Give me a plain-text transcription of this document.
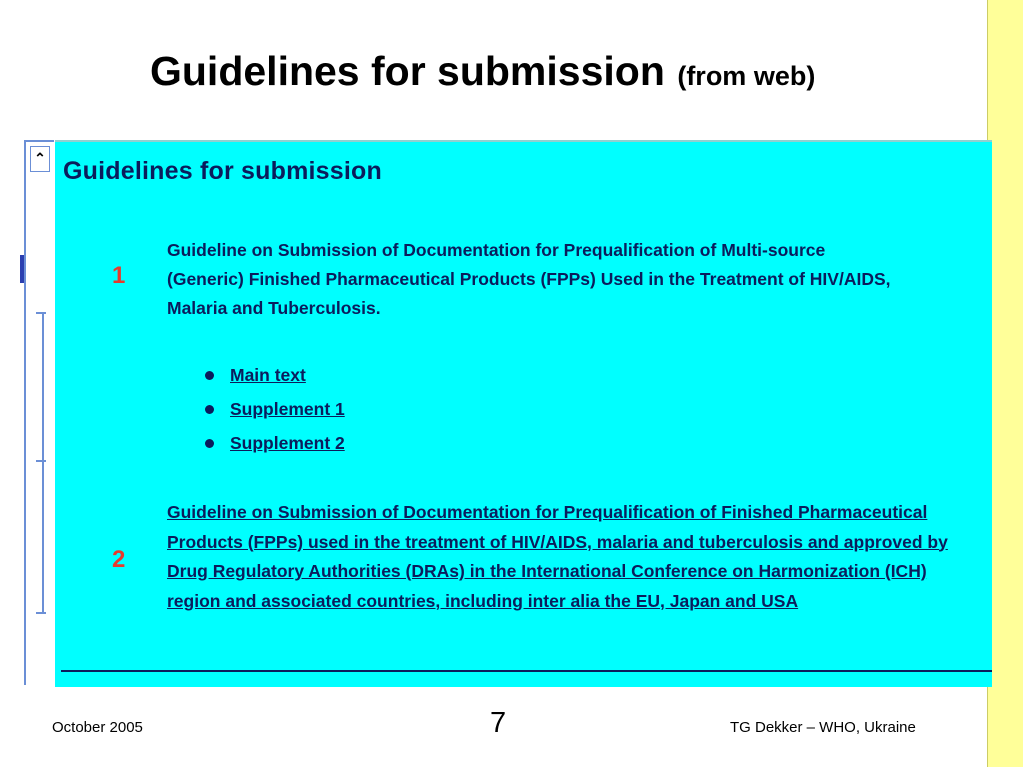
Guidelines for submission (from web)
⌃ Guidelines for submission
1
Guideline on Submission of Documentation for Prequalification of Multi-source (Generic) Finished Pharmaceutical Products (FPPs) Used in the Treatment of HIV/AIDS, Malaria and Tuberculosis.
Main text
Supplement 1
Supplement 2
2
Guideline on Submission of Documentation for Prequalification of Finished Pharmaceutical Products (FPPs) used in the treatment of HIV/AIDS, malaria and tuberculosis and approved by Drug Regulatory Authorities (DRAs) in the International Conference on Harmonization (ICH) region and associated countries, including inter alia the EU, Japan and USA
October 2005	7	TG Dekker – WHO, Ukraine
